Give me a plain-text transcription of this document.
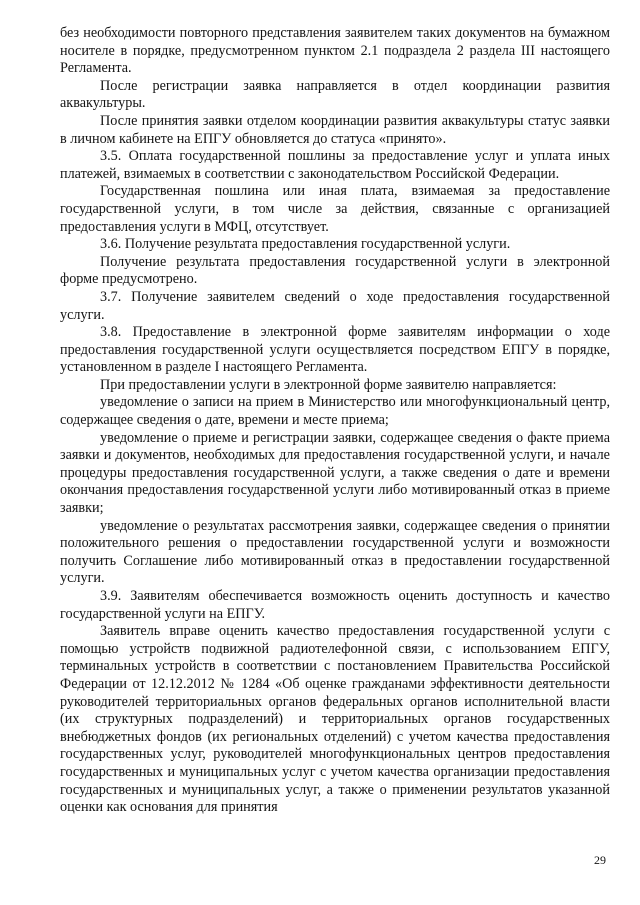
без необходимости повторного представления заявителем таких документов на бумажном носителе в порядке, предусмотренном пунктом 2.1 подраздела 2 раздела III настоящего Регламента.

После регистрации заявка направляется в отдел координации развития аквакультуры.

После принятия заявки отделом координации развития аквакультуры статус заявки в личном кабинете на ЕПГУ обновляется до статуса «принято».

3.5. Оплата государственной пошлины за предоставление услуг и уплата иных платежей, взимаемых в соответствии с законодательством Российской Федерации.

Государственная пошлина или иная плата, взимаемая за предоставление государственной услуги, в том числе за действия, связанные с организацией предоставления услуги в МФЦ, отсутствует.

3.6. Получение результата предоставления государственной услуги.

Получение результата предоставления государственной услуги в электронной форме предусмотрено.

3.7. Получение заявителем сведений о ходе предоставления государственной услуги.

3.8. Предоставление в электронной форме заявителям информации о ходе предоставления государственной услуги осуществляется посредством ЕПГУ в порядке, установленном в разделе I настоящего Регламента.

При предоставлении услуги в электронной форме заявителю направляется:

уведомление о записи на прием в Министерство или многофункциональный центр, содержащее сведения о дате, времени и месте приема;

уведомление о приеме и регистрации заявки, содержащее сведения о факте приема заявки и документов, необходимых для предоставления государственной услуги, и начале процедуры предоставления государственной услуги, а также сведения о дате и времени окончания предоставления государственной услуги либо мотивированный отказ в приеме заявки;

уведомление о результатах рассмотрения заявки, содержащее сведения о принятии положительного решения о предоставлении государственной услуги и возможности получить Соглашение либо мотивированный отказ в предоставлении государственной услуги.

3.9. Заявителям обеспечивается возможность оценить доступность и качество государственной услуги на ЕПГУ.

Заявитель вправе оценить качество предоставления государственной услуги с помощью устройств подвижной радиотелефонной связи, с использованием ЕПГУ, терминальных устройств в соответствии с постановлением Правительства Российской Федерации от 12.12.2012 № 1284 «Об оценке гражданами эффективности деятельности руководителей территориальных органов федеральных органов исполнительной власти (их структурных подразделений) и территориальных органов государственных внебюджетных фондов (их региональных отделений) с учетом качества предоставления государственных услуг, руководителей многофункциональных центров предоставления государственных и муниципальных услуг с учетом качества организации предоставления государственных и муниципальных услуг, а также о применении результатов указанной оценки как основания для принятия

29
